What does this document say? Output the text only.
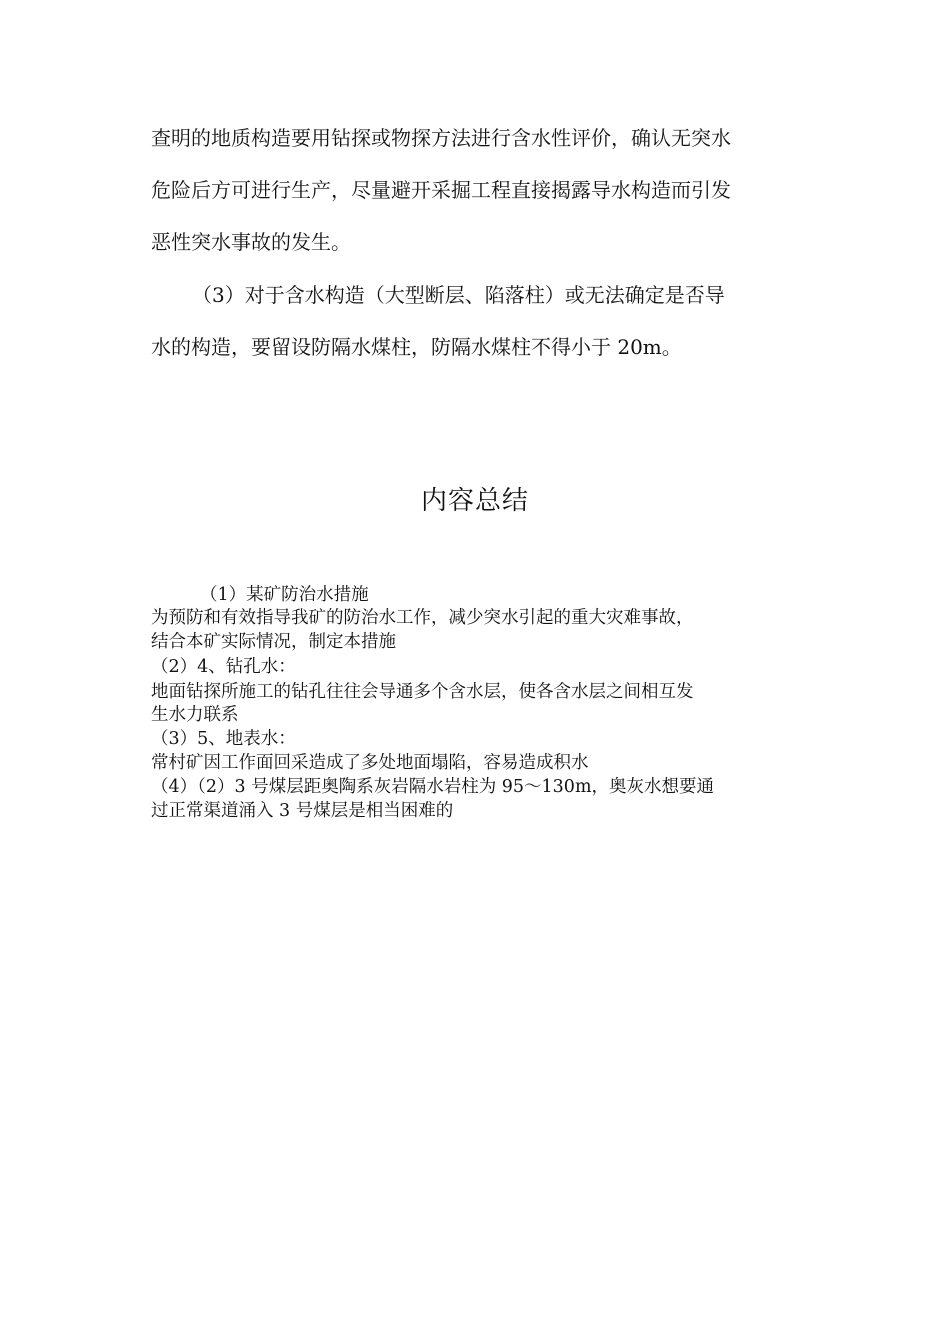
查明的地质构造要用钻探或物探方法进行含水性评价，确认无突水
危险后方可进行生产，尽量避开采掘工程直接揭露导水构造而引发
恶性突水事故的发生。
（3）对于含水构造（大型断层、陷落柱）或无法确定是否导
水的构造，要留设防隔水煤柱，防隔水煤柱不得小于 20m。
内容总结
（1）某矿防治水措施
为预防和有效指导我矿的防治水工作，减少突水引起的重大灾难事故，
结合本矿实际情况，制定本措施
（2）4、钻孔水：
地面钻探所施工的钻孔往往会导通多个含水层，使各含水层之间相互发
生水力联系
（3）5、地表水：
常村矿因工作面回采造成了多处地面塌陷，容易造成积水
（4）（2）3 号煤层距奥陶系灰岩隔水岩柱为 95～130m，奥灰水想要通
过正常渠道涌入 3 号煤层是相当困难的
